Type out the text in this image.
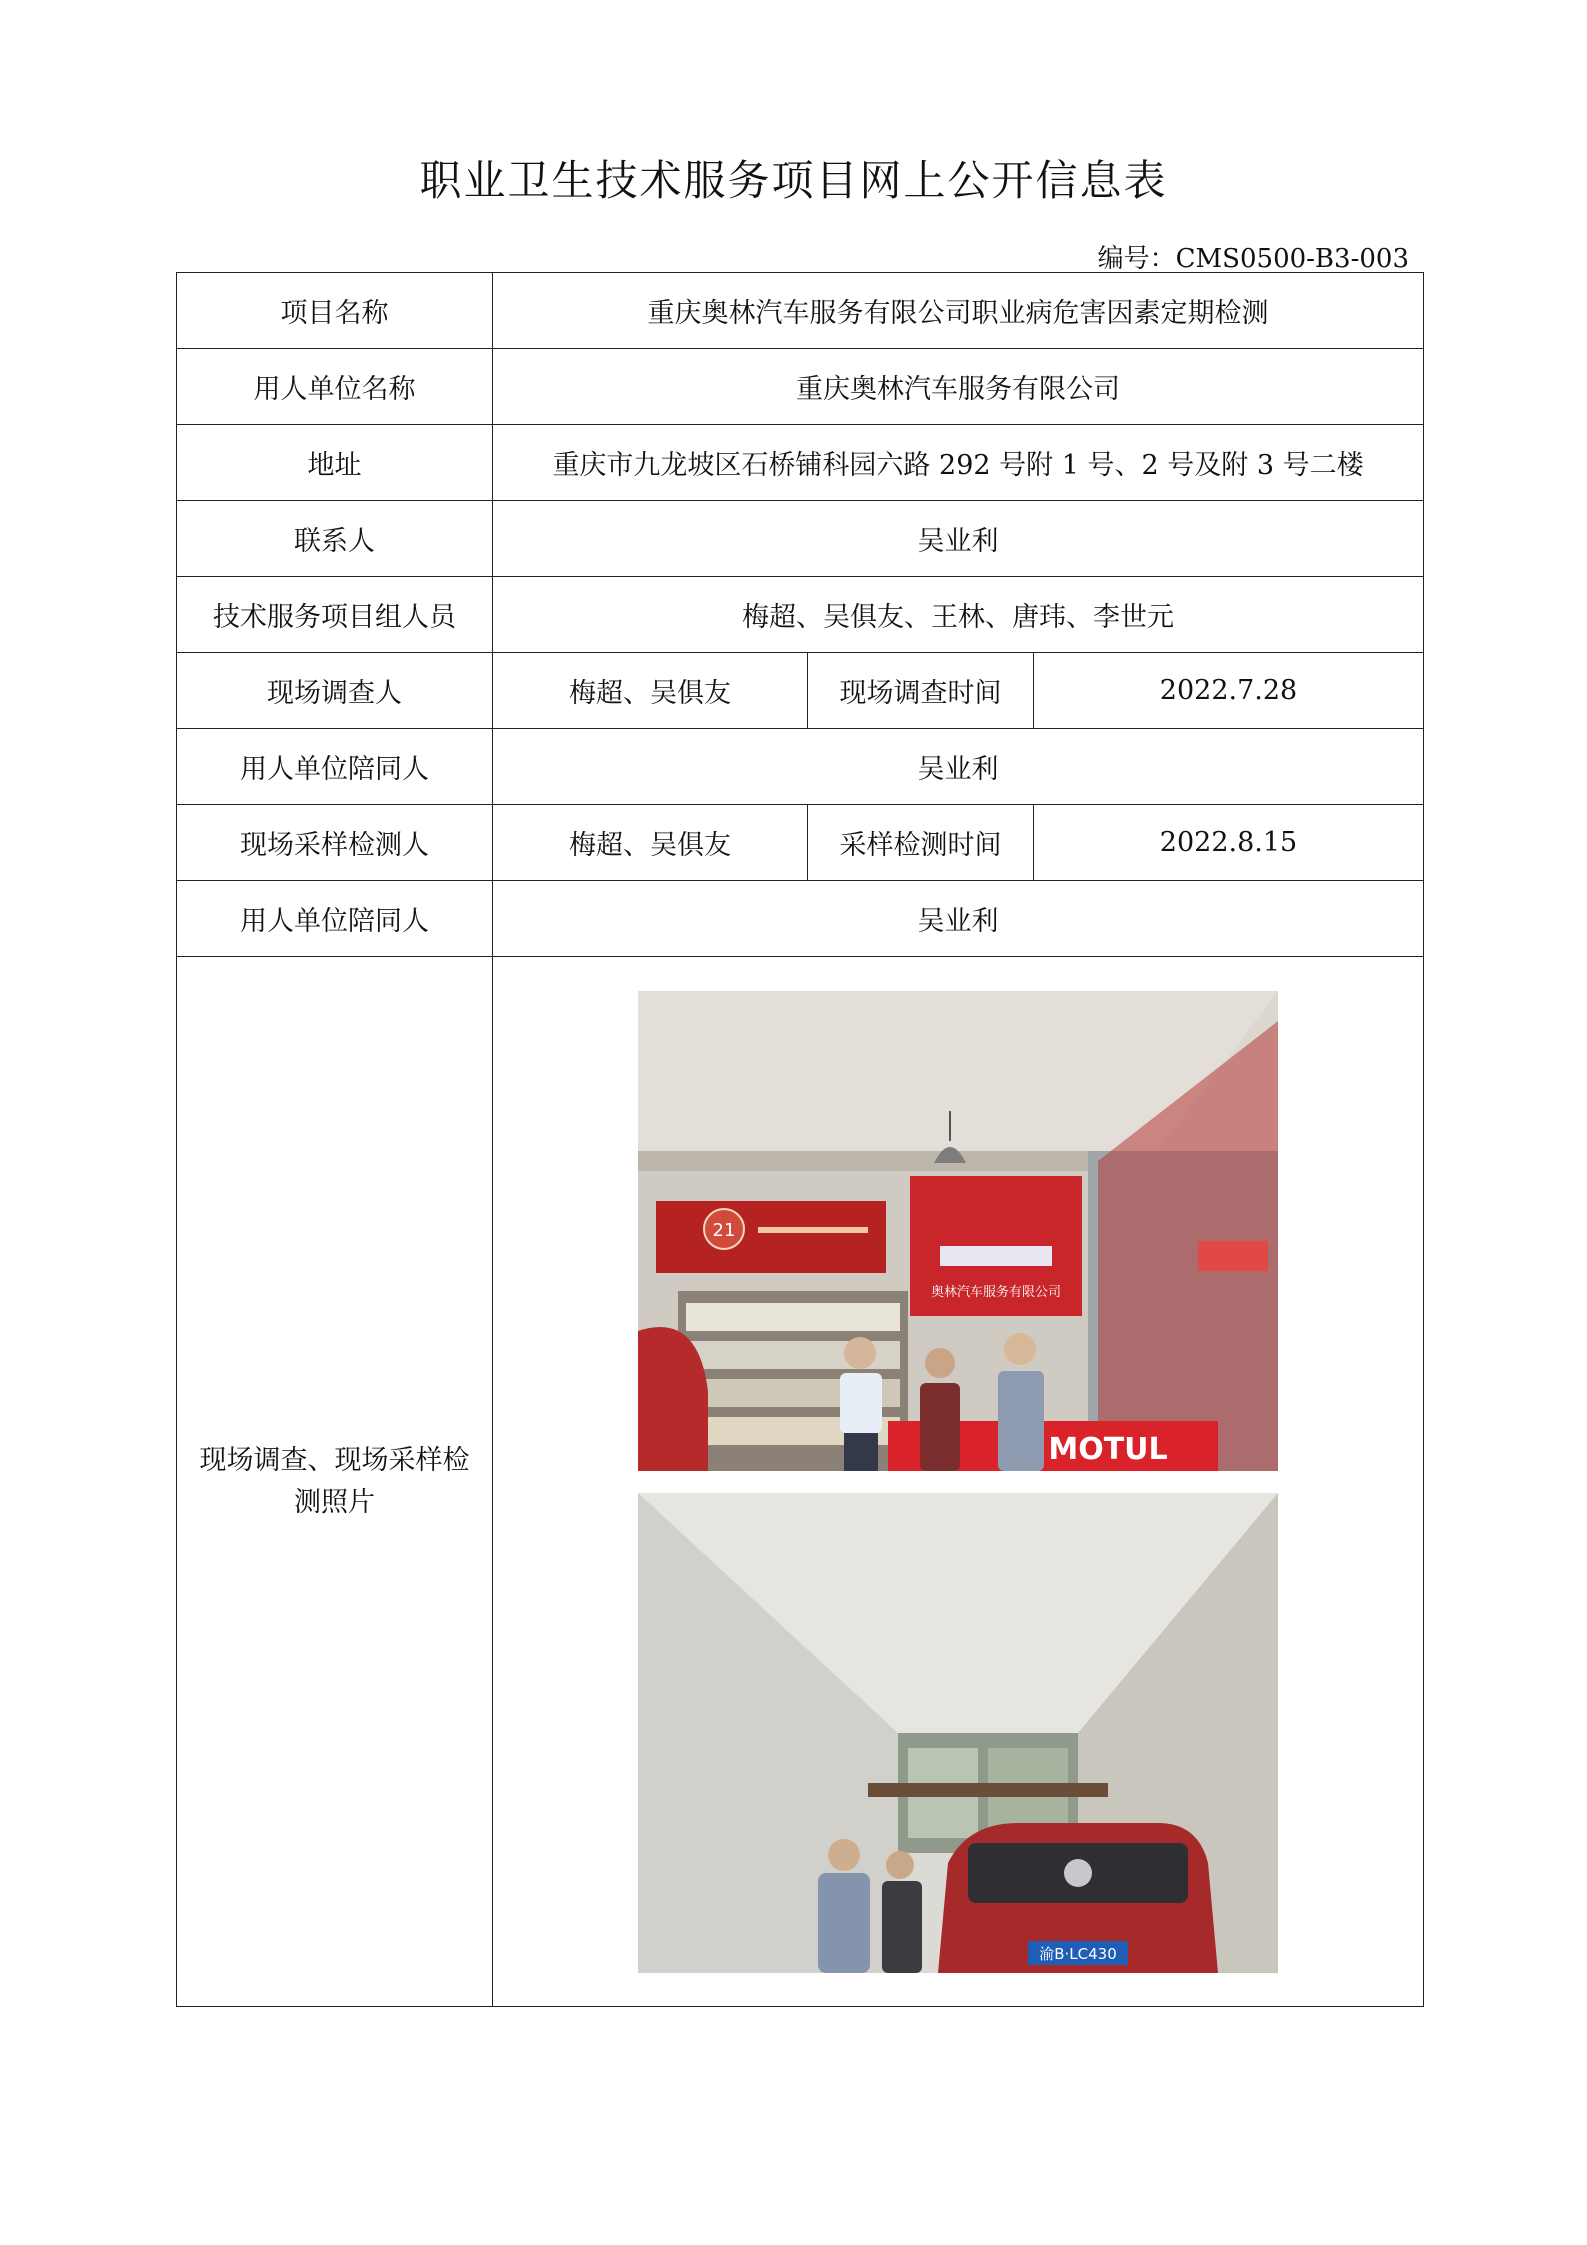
职业卫生技术服务项目网上公开信息表
编号：CMS0500-B3-003
项目名称	重庆奥林汽车服务有限公司职业病危害因素定期检测		
用人单位名称	重庆奥林汽车服务有限公司		
地址	重庆市九龙坡区石桥铺科园六路 292 号附 1 号、2 号及附 3 号二楼		
联系人	吴业利		
技术服务项目组人员	梅超、吴俱友、王林、唐玮、李世元		
现场调查人	梅超、吴俱友	现场调查时间	2022.7.28
用人单位陪同人	吴业利		
现场采样检测人	梅超、吴俱友	采样检测时间	2022.8.15
用人单位陪同人	吴业利		
现场调查、现场采样检测照片	21
奥林汽车服务有限公司
MOTUL
渝B·LC430		
